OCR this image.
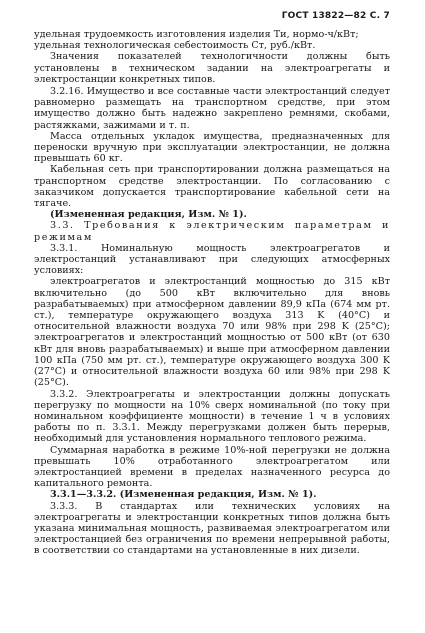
ГОСТ 13822—82 С. 7

удельная трудоемкость изготовления изделия Tи, нормо-ч/кВт;

удельная технологическая себестоимость Cт, руб./кВт.

Значения показателей технологичности должны быть установлены в техническом задании на электроагрегаты и электростанции конкретных типов.

3.2.16. Имущество и все составные части электростанций следует равномерно размещать на транспортном средстве, при этом имущество должно быть надежно закреплено ремнями, скобами, растяжками, зажимами и т. п.

Масса отдельных укладок имущества, предназначенных для переноски вручную при эксплуатации электростанции, не должна превышать 60 кг.

Кабельная сеть при транспортировании должна размещаться на транспортном средстве электростанции. По согласованию с заказчиком допускается транспортирование кабельной сети на тягаче.

(Измененная редакция, Изм. № 1).

3.3. Требования к электрическим параметрам и режимам

3.3.1. Номинальную мощность электроагрегатов и электростанций устанавливают при следующих атмосферных условиях:

электроагрегатов и электростанций мощностью до 315 кВт включительно (до 500 кВт включительно для вновь разрабатываемых) при атмосферном давлении 89,9 кПа (674 мм рт. ст.), температуре окружающего воздуха 313 K (40°C) и относительной влажности воздуха 70 или 98% при 298 K (25°C); электроагрегатов и электростанций мощностью от 500 кВт (от 630 кВт для вновь разрабатываемых) и выше при атмосферном давлении 100 кПа (750 мм рт. ст.), температуре окружающего воздуха 300 K (27°C) и относительной влажности воздуха 60 или 98% при 298 K (25°C).

3.3.2. Электроагрегаты и электростанции должны допускать перегрузку по мощности на 10% сверх номинальной (по току при номинальном коэффициенте мощности) в течение 1 ч в условиях работы по п. 3.3.1. Между перегрузками должен быть перерыв, необходимый для установления нормального теплового режима.

Суммарная наработка в режиме 10%-ной перегрузки не должна превышать 10% отработанного электроагрегатом или электростанцией времени в пределах назначенного ресурса до капитального ремонта.

3.3.1—3.3.2. (Измененная редакция, Изм. № 1).

3.3.3. В стандартах или технических условиях на электроагрегаты и электростанции конкретных типов должна быть указана минимальная мощность, развиваемая электроагрегатом или электростанцией без ограничения по времени непрерывной работы, в соответствии со стандартами на установленные в них дизели.
